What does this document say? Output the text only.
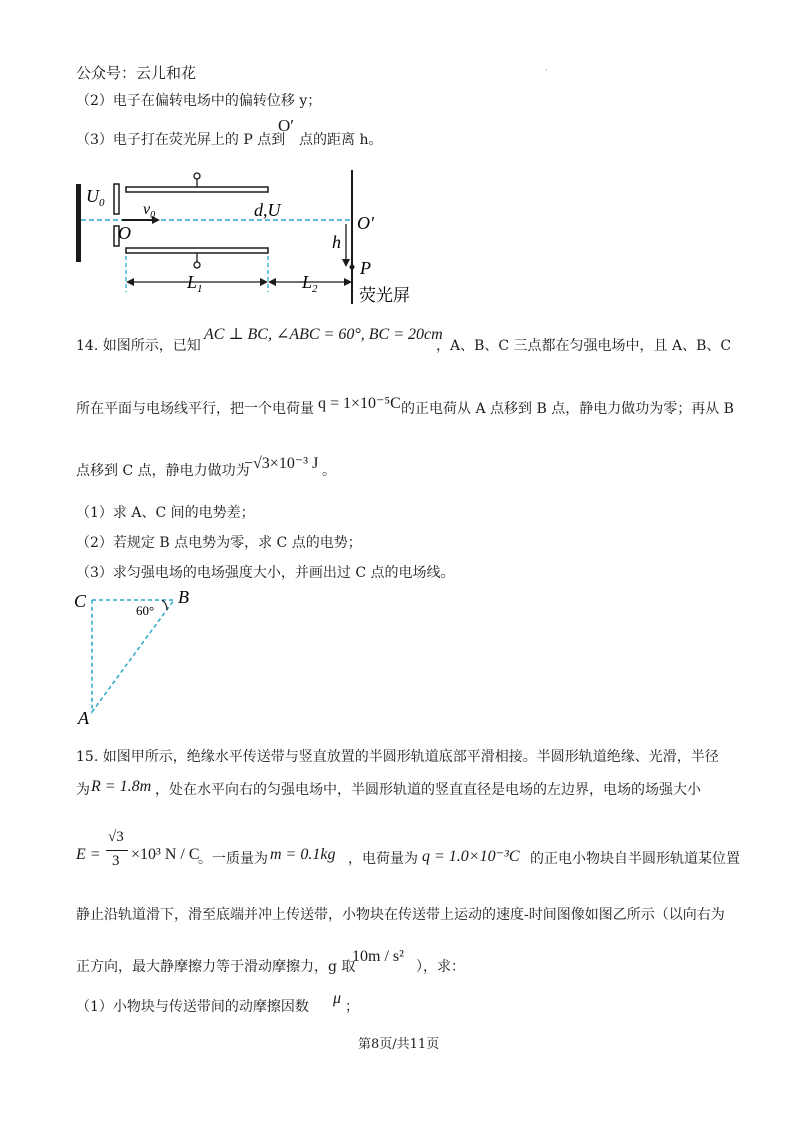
公众号：云儿和花	·
（2）电子在偏转电场中的偏转位移 y；
（3）电子打在荧光屏上的 P 点到
O′
点的距离 h。
$U_0$ $v_0$
O
d,U
O′
h
P
$L_1$	$L_2$ 荧光屏
14. 如图所示，已知
AC ⊥ BC, ∠ABC = 60°, BC = 20cm
，A、B、C 三点都在匀强电场中，且 A、B、C
所在平面与电场线平行，把一个电荷量 q = 1×10⁻⁵C 的正电荷从 A 点移到 B 点，静电力做功为零；再从 B
点移到 C 点，静电力做功为
−√3×10⁻³ J 。
（1）求 A、C 间的电势差；
（2）若规定 B 点电势为零，求 C 点的电势；
（3）求匀强电场的电场强度大小，并画出过 C 点的电场线。
C	B
A
60°
15. 如图甲所示，绝缘水平传送带与竖直放置的半圆形轨道底部平滑相接。半圆形轨道绝缘、光滑，半径
为 R = 1.8m ，处在水平向右的匀强电场中，半圆形轨道的竖直直径是电场的左边界，电场的场强大小
E =
√3
3 ×10³ N / C
。一质量为 m = 0.1kg ，电荷量为 q = 1.0×10⁻³C 的正电小物块自半圆形轨道某位置
静止沿轨道滑下，滑至底端并冲上传送带，小物块在传送带上运动的速度-时间图像如图乙所示（以向右为
正方向，最大静摩擦力等于滑动摩擦力，g 取
10m / s²
），求：
（1）小物块与传送带间的动摩擦因数 μ ；
第8页/共11页
